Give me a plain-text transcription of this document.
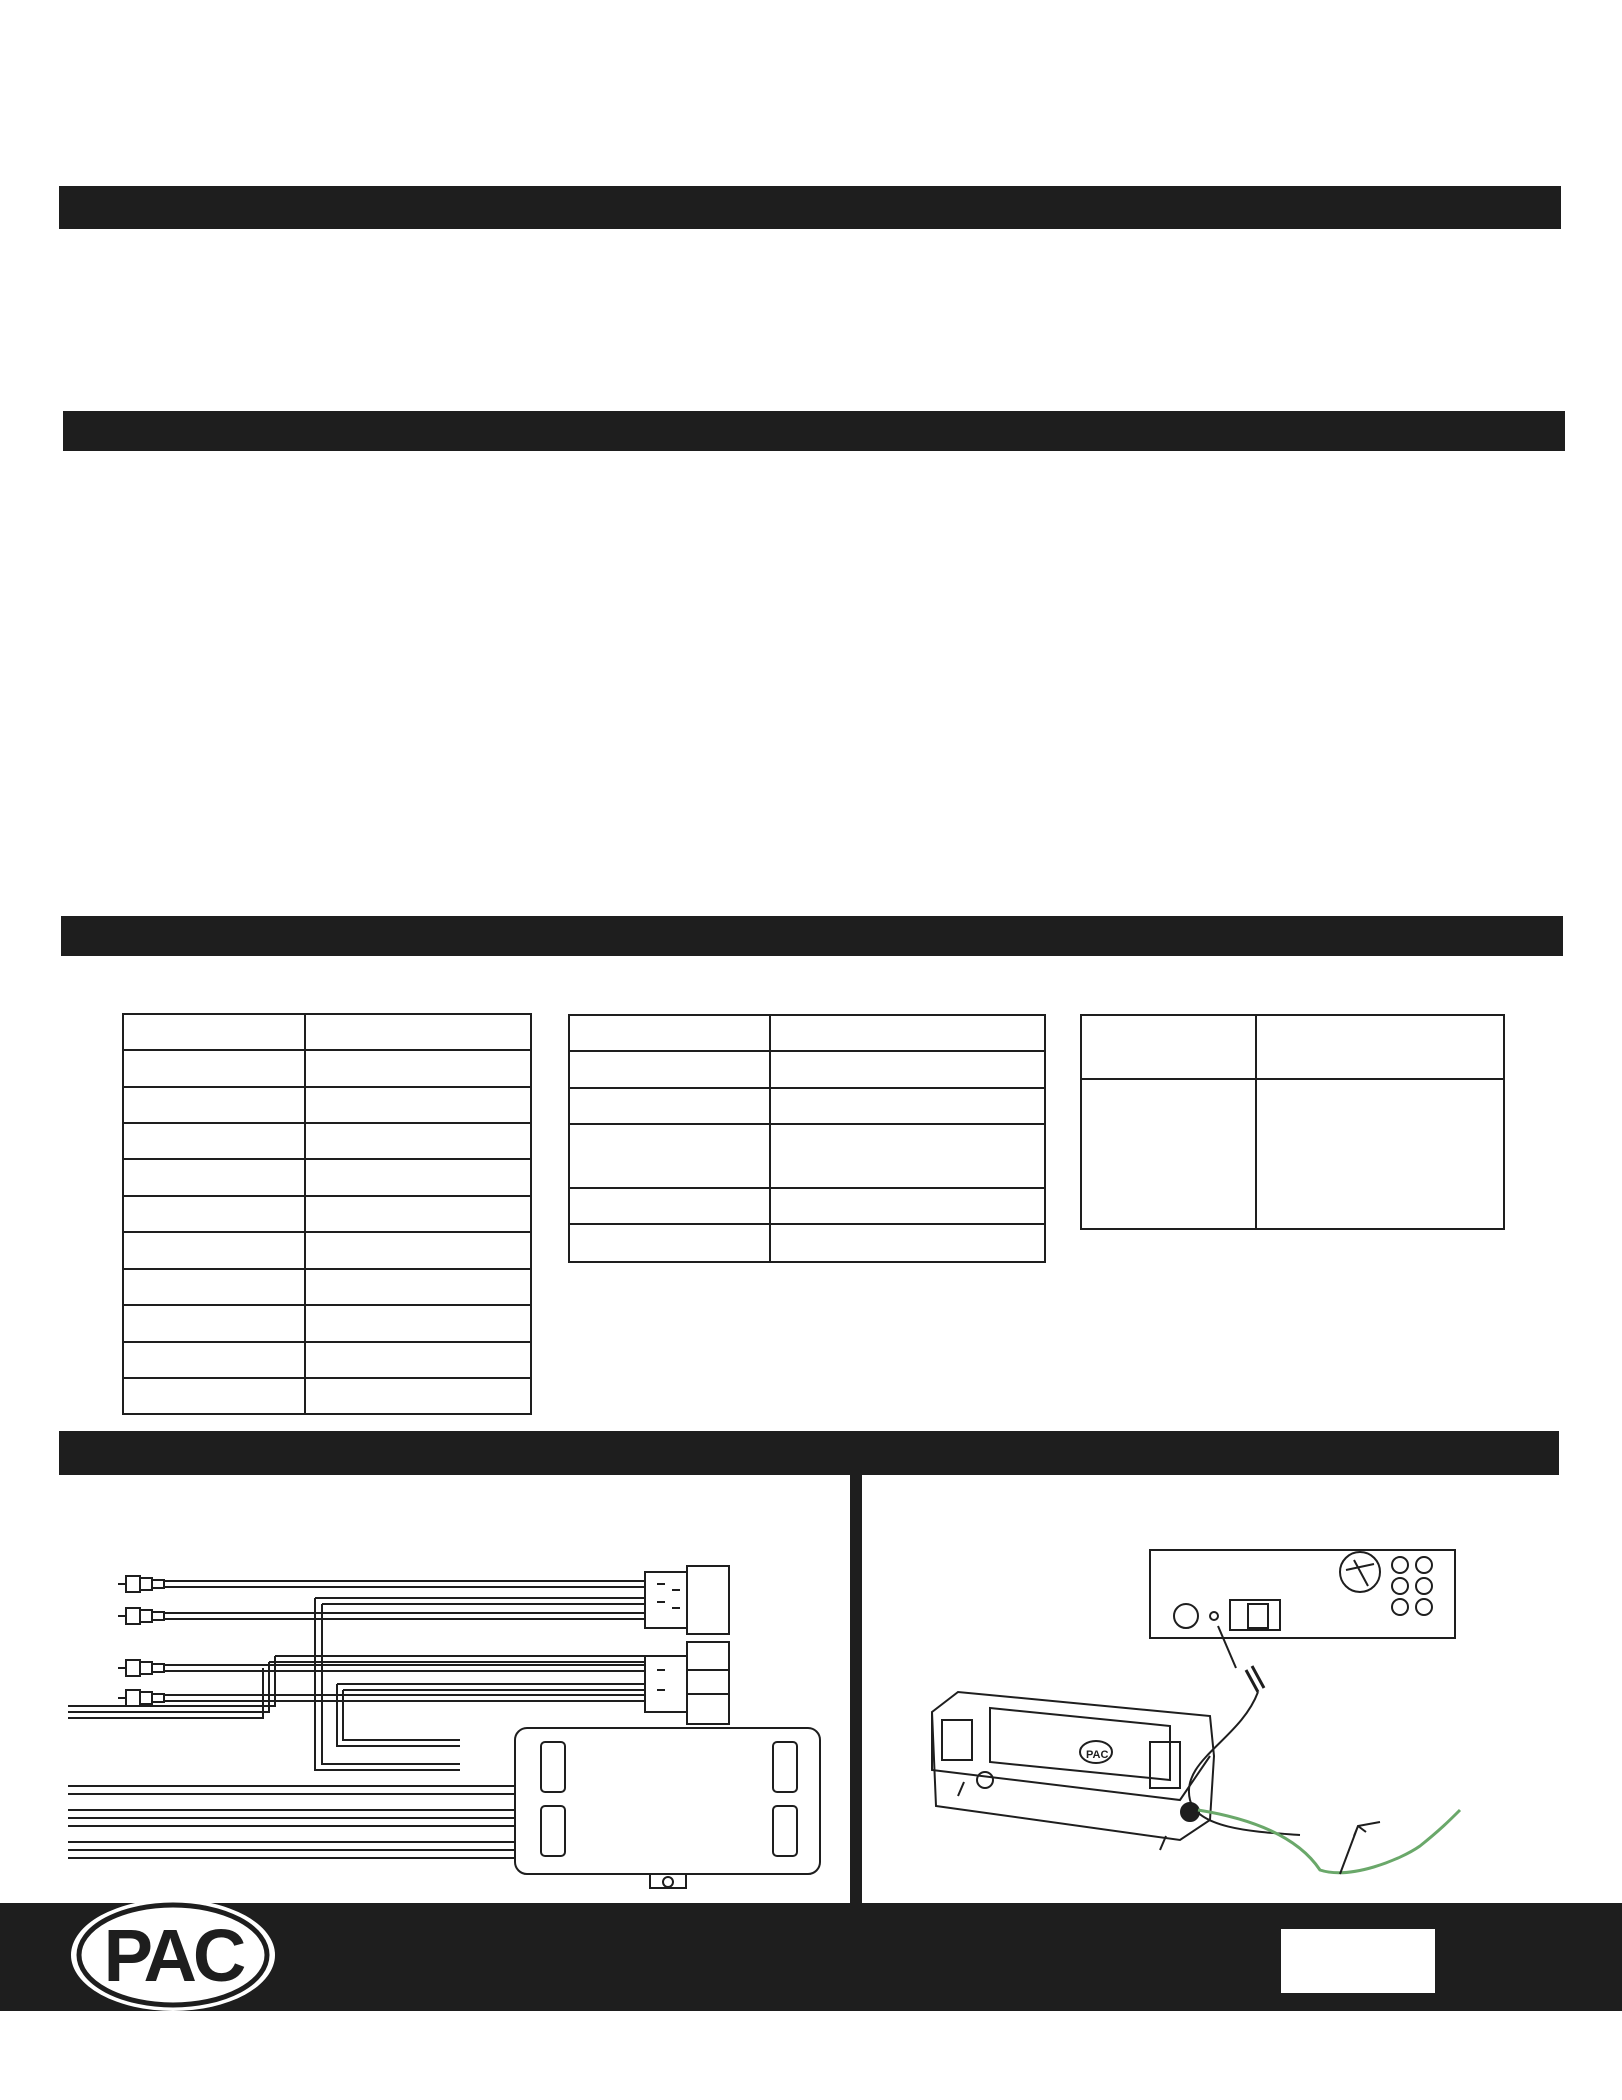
PAC
PAC
